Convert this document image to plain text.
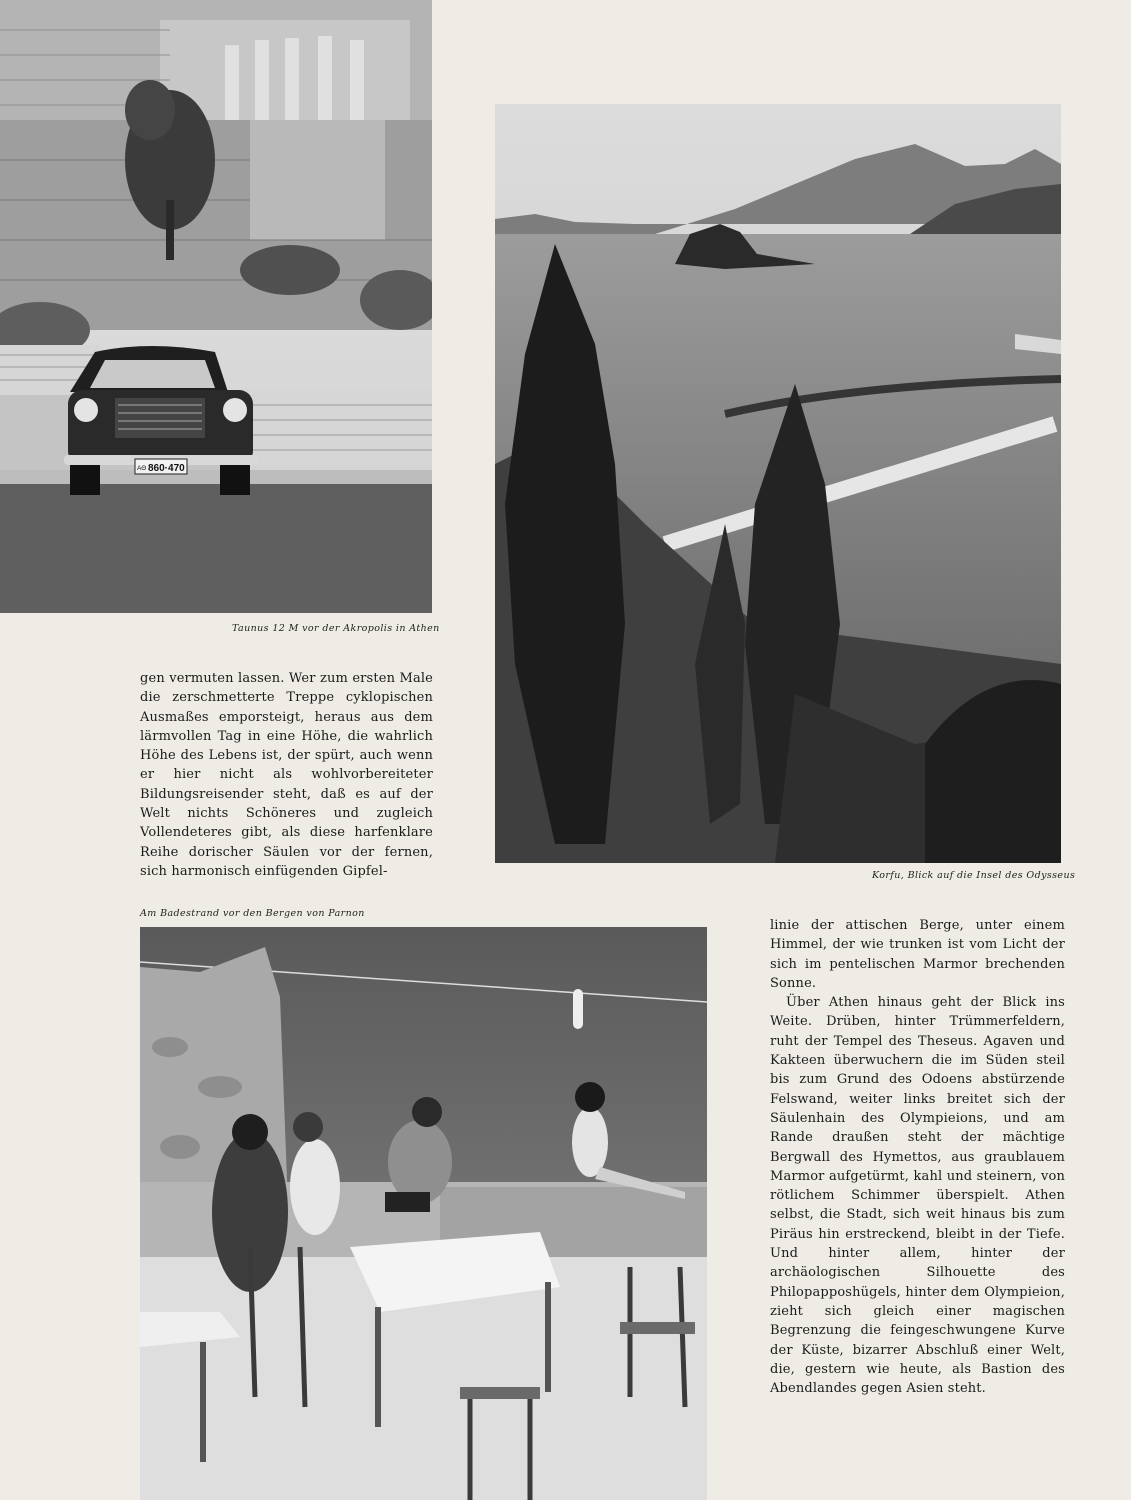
ΑΘ 860·470
Taunus 12 M vor der Akropolis in Athen
Korfu, Blick auf die Insel des Odysseus

gen vermuten lassen. Wer zum ersten Male die zerschmetterte Treppe cyklopischen Ausmaßes emporsteigt, heraus aus dem lärmvollen Tag in eine Höhe, die wahrlich Höhe des Lebens ist, der spürt, auch wenn er hier nicht als wohlvorbereiteter Bildungsreisender steht, daß es auf der Welt nichts Schöneres und zugleich Vollendeteres gibt, als diese harfenklare Reihe dorischer Säulen vor der fernen, sich harmonisch einfügenden Gipfel-

Am Badestrand vor den Bergen von Parnon

linie der attischen Berge, unter einem Himmel, der wie trunken ist vom Licht der sich im pentelischen Marmor brechenden Sonne.

Über Athen hinaus geht der Blick ins Weite. Drüben, hinter Trümmerfeldern, ruht der Tempel des Theseus. Agaven und Kakteen überwuchern die im Süden steil bis zum Grund des Odoens abstürzende Felswand, weiter links breitet sich der Säulenhain des Olympieions, und am Rande draußen steht der mächtige Bergwall des Hymettos, aus graublauem Marmor aufgetürmt, kahl und steinern, von rötlichem Schimmer überspielt. Athen selbst, die Stadt, sich weit hinaus bis zum Piräus hin erstreckend, bleibt in der Tiefe. Und hinter allem, hinter der archäologischen Silhouette des Philopapposhügels, hinter dem Olympieion, zieht sich gleich einer magischen Begrenzung die feingeschwungene Kurve der Küste, bizarrer Abschluß einer Welt, die, gestern wie heute, als Bastion des Abendlandes gegen Asien steht.
